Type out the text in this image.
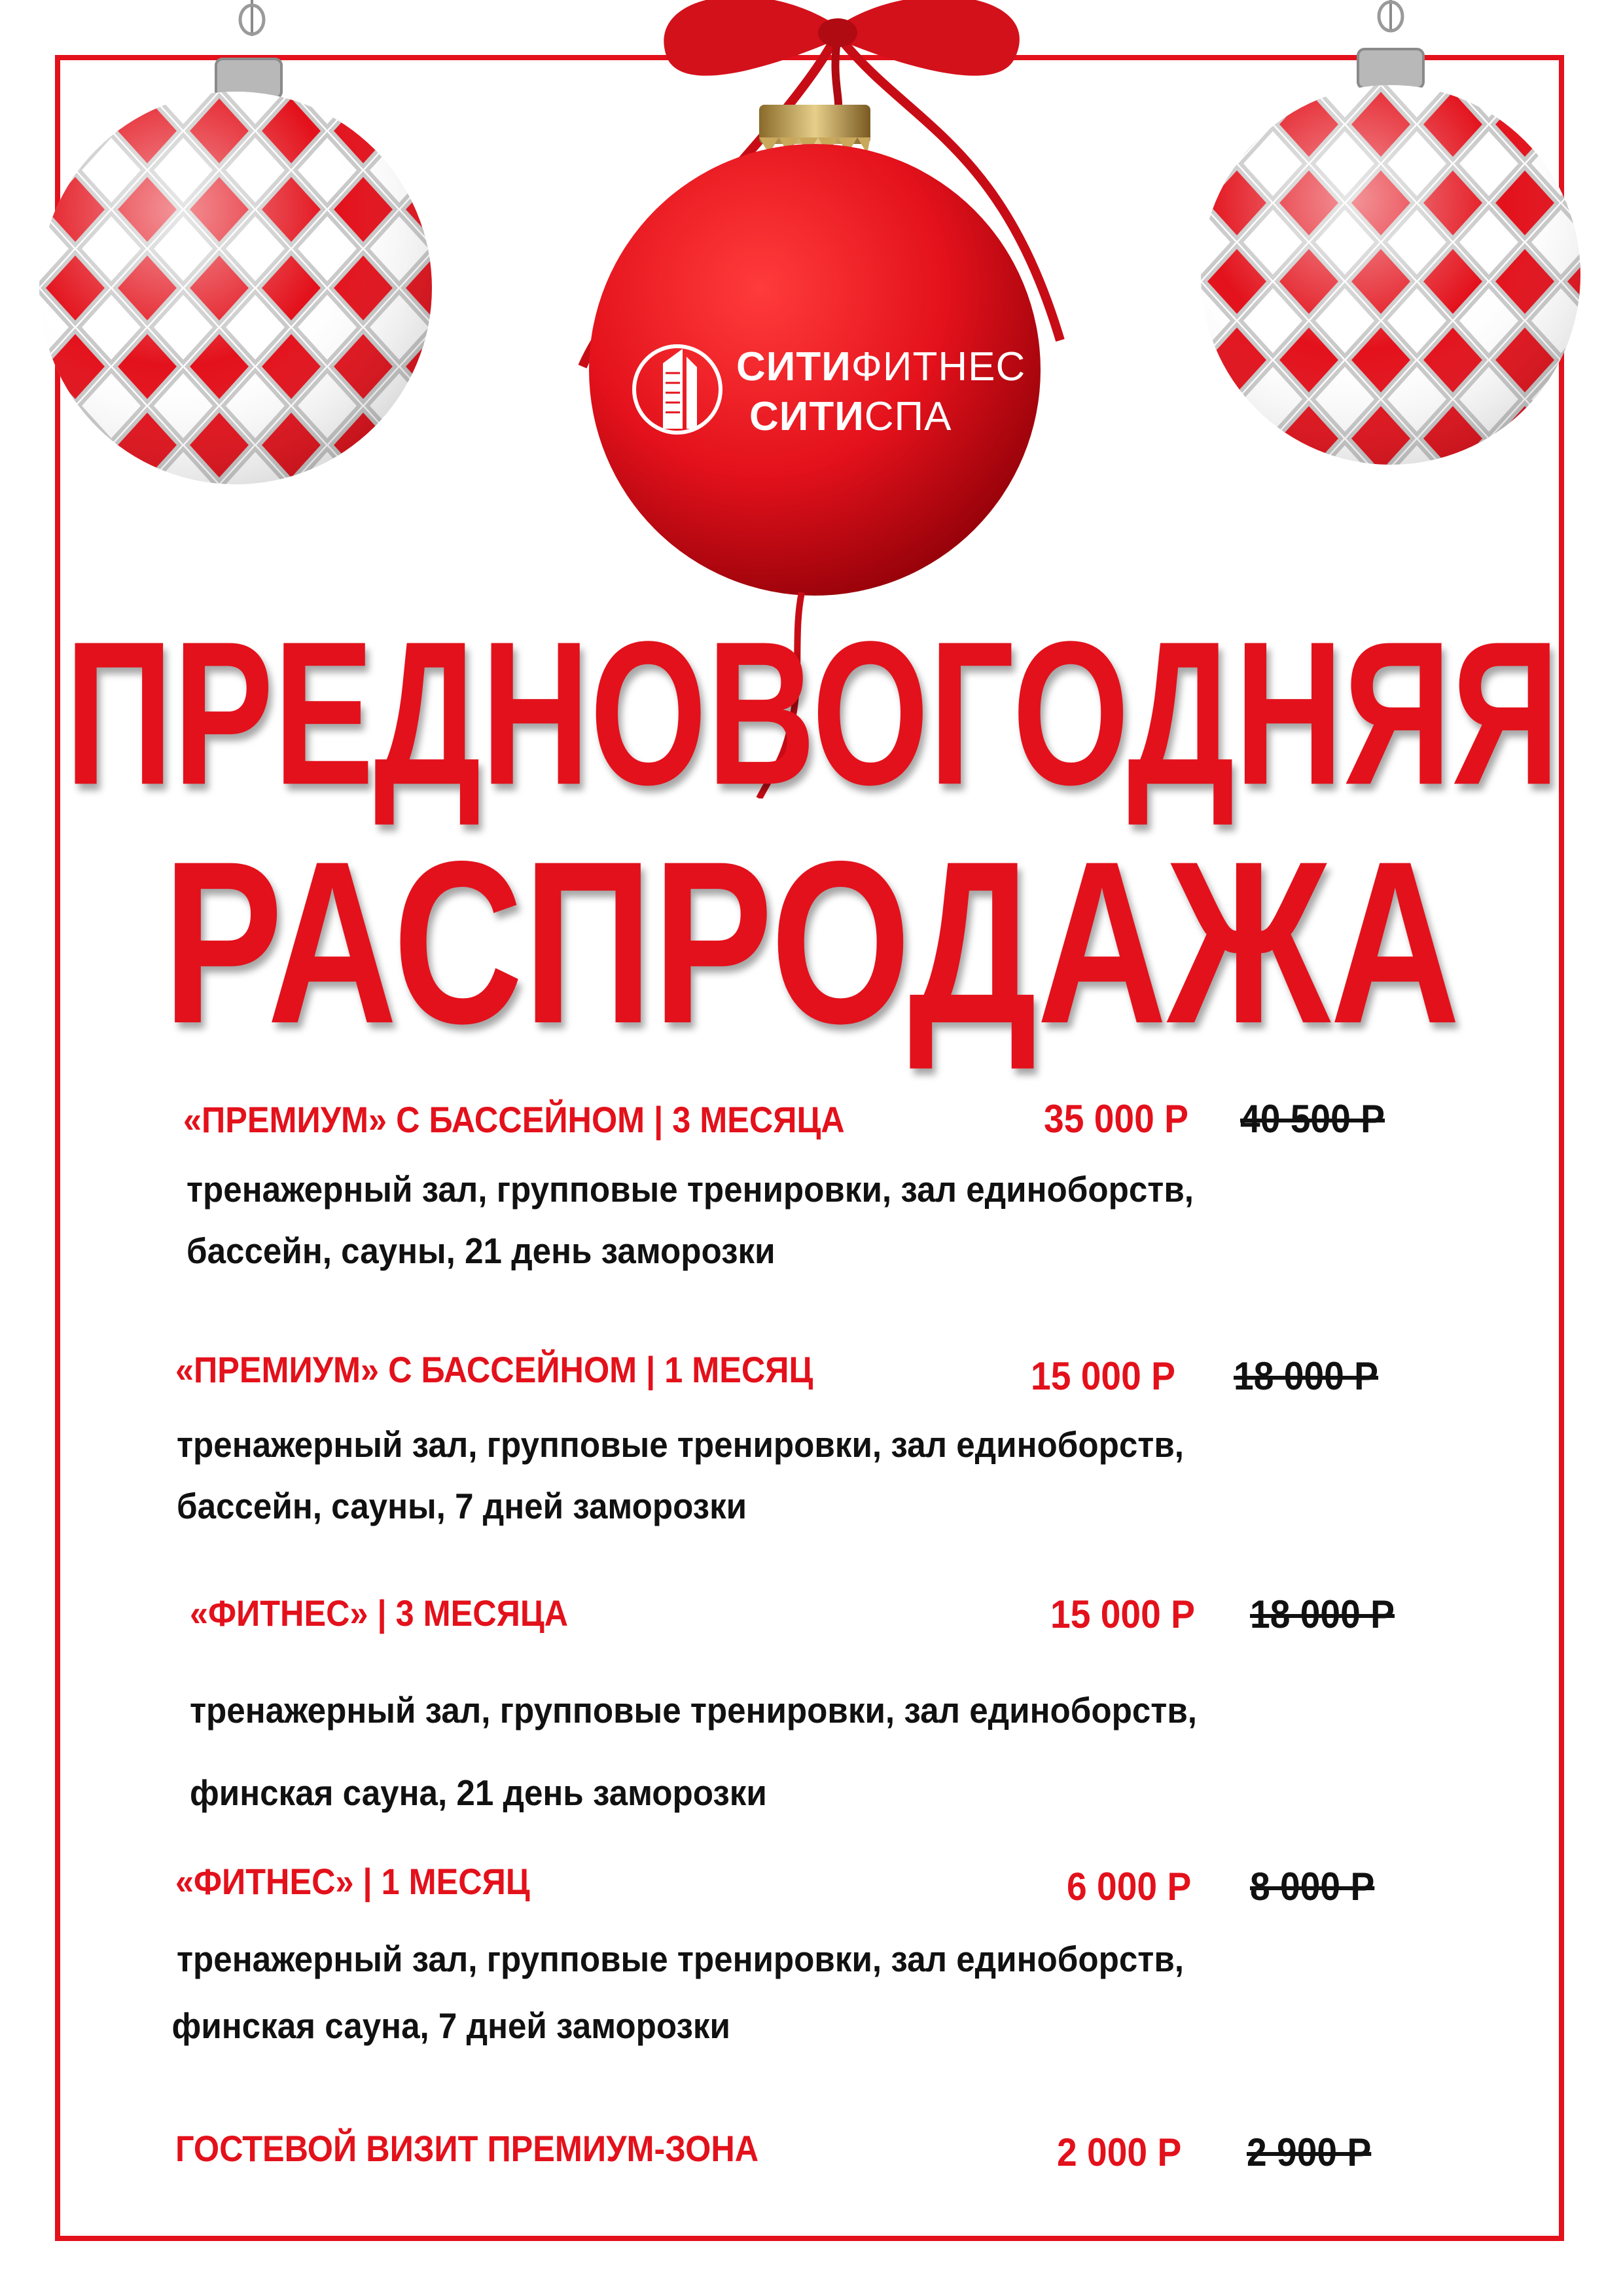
СИТИФИТНЕС
СИТИСПА
ПРЕДНОВОГОДНЯЯ
РАСПРОДАЖА
«ПРЕМИУМ» С БАССЕЙНОМ | 3 МЕСЯЦА	35 000 Р 40 500 Р
тренажерный зал, групповые тренировки, зал единоборств,
бассейн, сауны, 21 день заморозки
«ПРЕМИУМ» С БАССЕЙНОМ | 1 МЕСЯЦ	15 000 Р 18 000 Р
тренажерный зал, групповые тренировки, зал единоборств,
бассейн, сауны, 7 дней заморозки
«ФИТНЕС» | 3 МЕСЯЦА	15 000 Р 18 000 Р
тренажерный зал, групповые тренировки, зал единоборств,
финская сауна, 21 день заморозки
«ФИТНЕС» | 1 МЕСЯЦ	6 000 Р 8 000 Р
тренажерный зал, групповые тренировки, зал единоборств,
финская сауна, 7 дней заморозки
ГОСТЕВОЙ ВИЗИТ ПРЕМИУМ-ЗОНА	2 000 Р 2 900 Р
